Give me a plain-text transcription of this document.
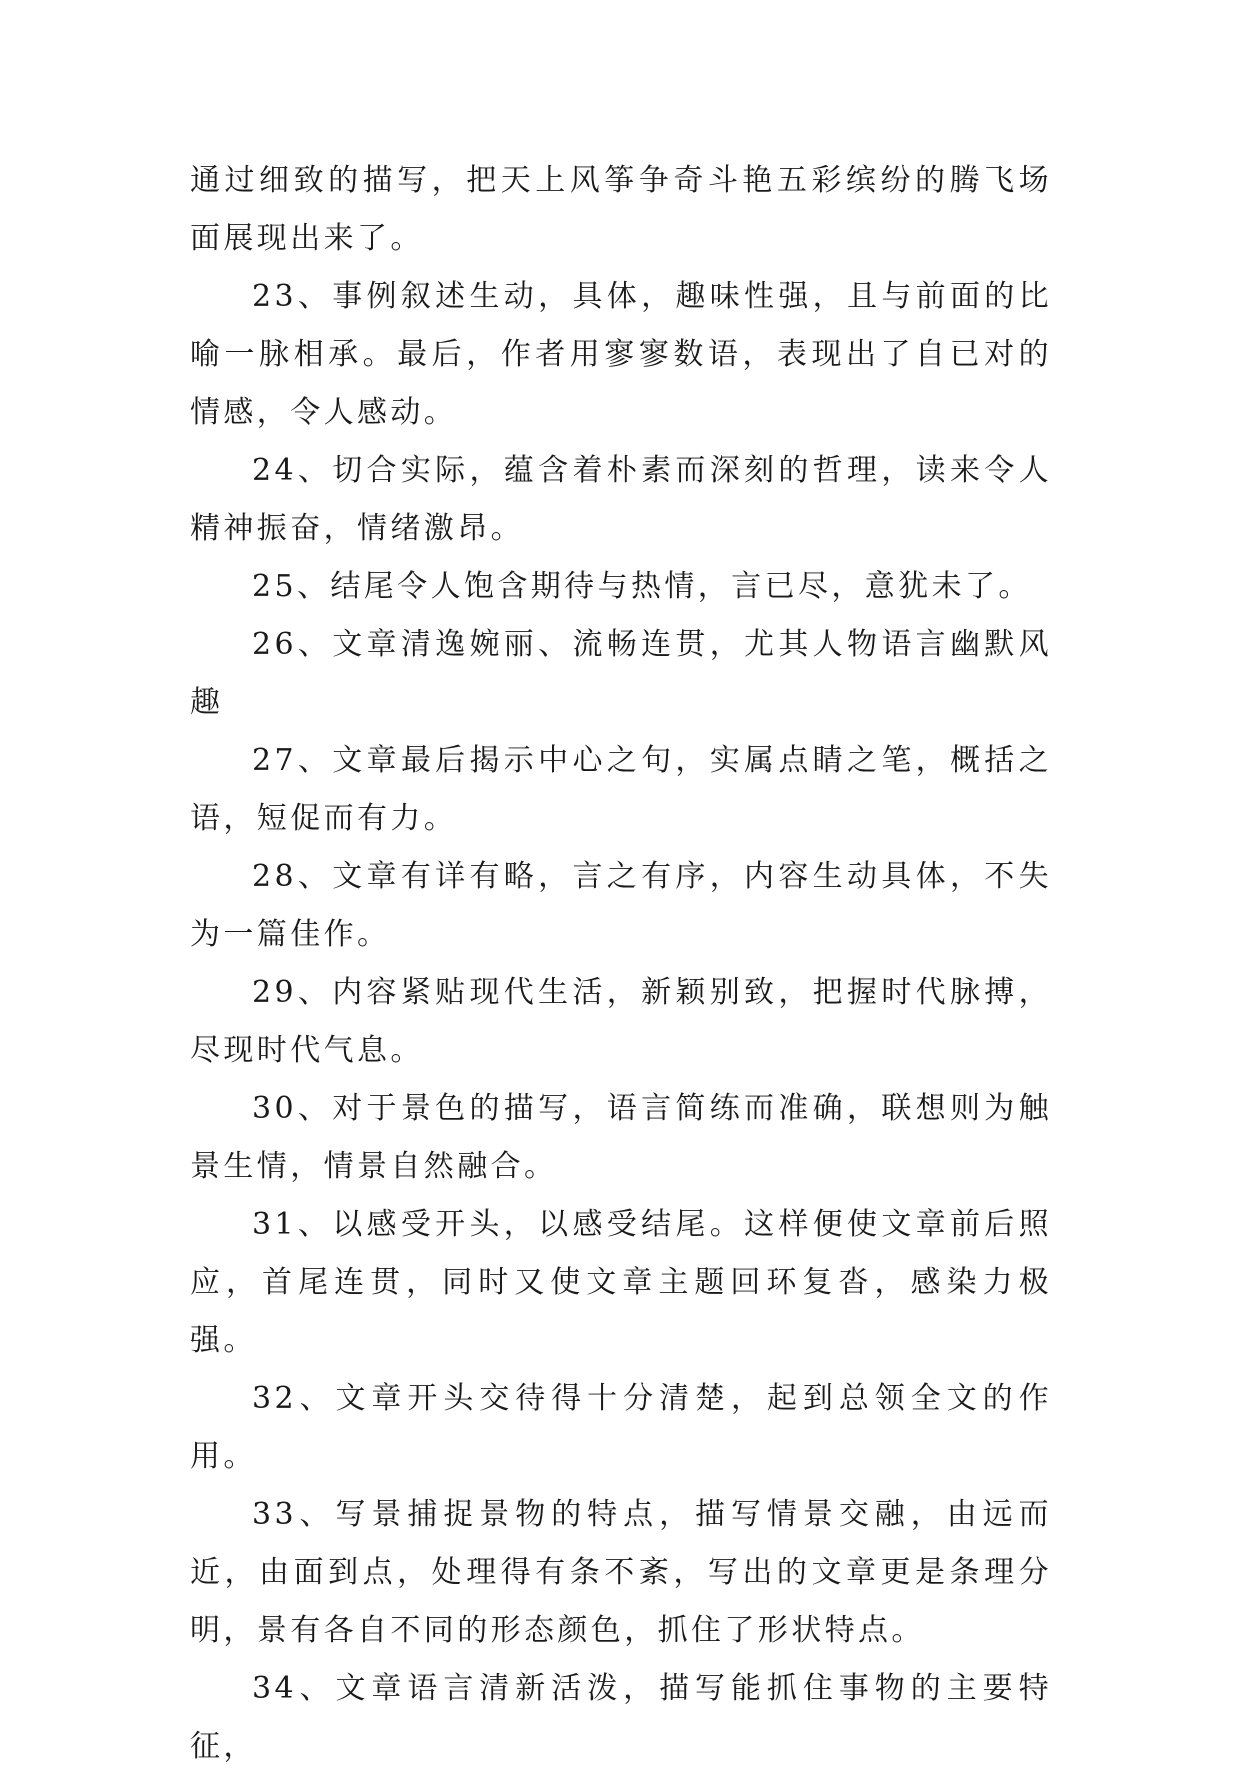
通过细致的描写，把天上风筝争奇斗艳五彩缤纷的腾飞场面展现出来了。

23、事例叙述生动，具体，趣味性强，且与前面的比喻一脉相承。最后，作者用寥寥数语，表现出了自已对的情感，令人感动。

24、切合实际，蕴含着朴素而深刻的哲理，读来令人精神振奋，情绪激昂。

25、结尾令人饱含期待与热情，言已尽，意犹未了。

26、文章清逸婉丽、流畅连贯，尤其人物语言幽默风趣

27、文章最后揭示中心之句，实属点睛之笔，概括之语，短促而有力。

28、文章有详有略，言之有序，内容生动具体，不失为一篇佳作。

29、内容紧贴现代生活，新颖别致，把握时代脉搏，尽现时代气息。

30、对于景色的描写，语言简练而准确，联想则为触景生情，情景自然融合。

31、以感受开头，以感受结尾。这样便使文章前后照应，首尾连贯，同时又使文章主题回环复沓，感染力极强。

32、文章开头交待得十分清楚，起到总领全文的作用。

33、写景捕捉景物的特点，描写情景交融，由远而近，由面到点，处理得有条不紊，写出的文章更是条理分明，景有各自不同的形态颜色，抓住了形状特点。

34、文章语言清新活泼，描写能抓住事物的主要特征，
